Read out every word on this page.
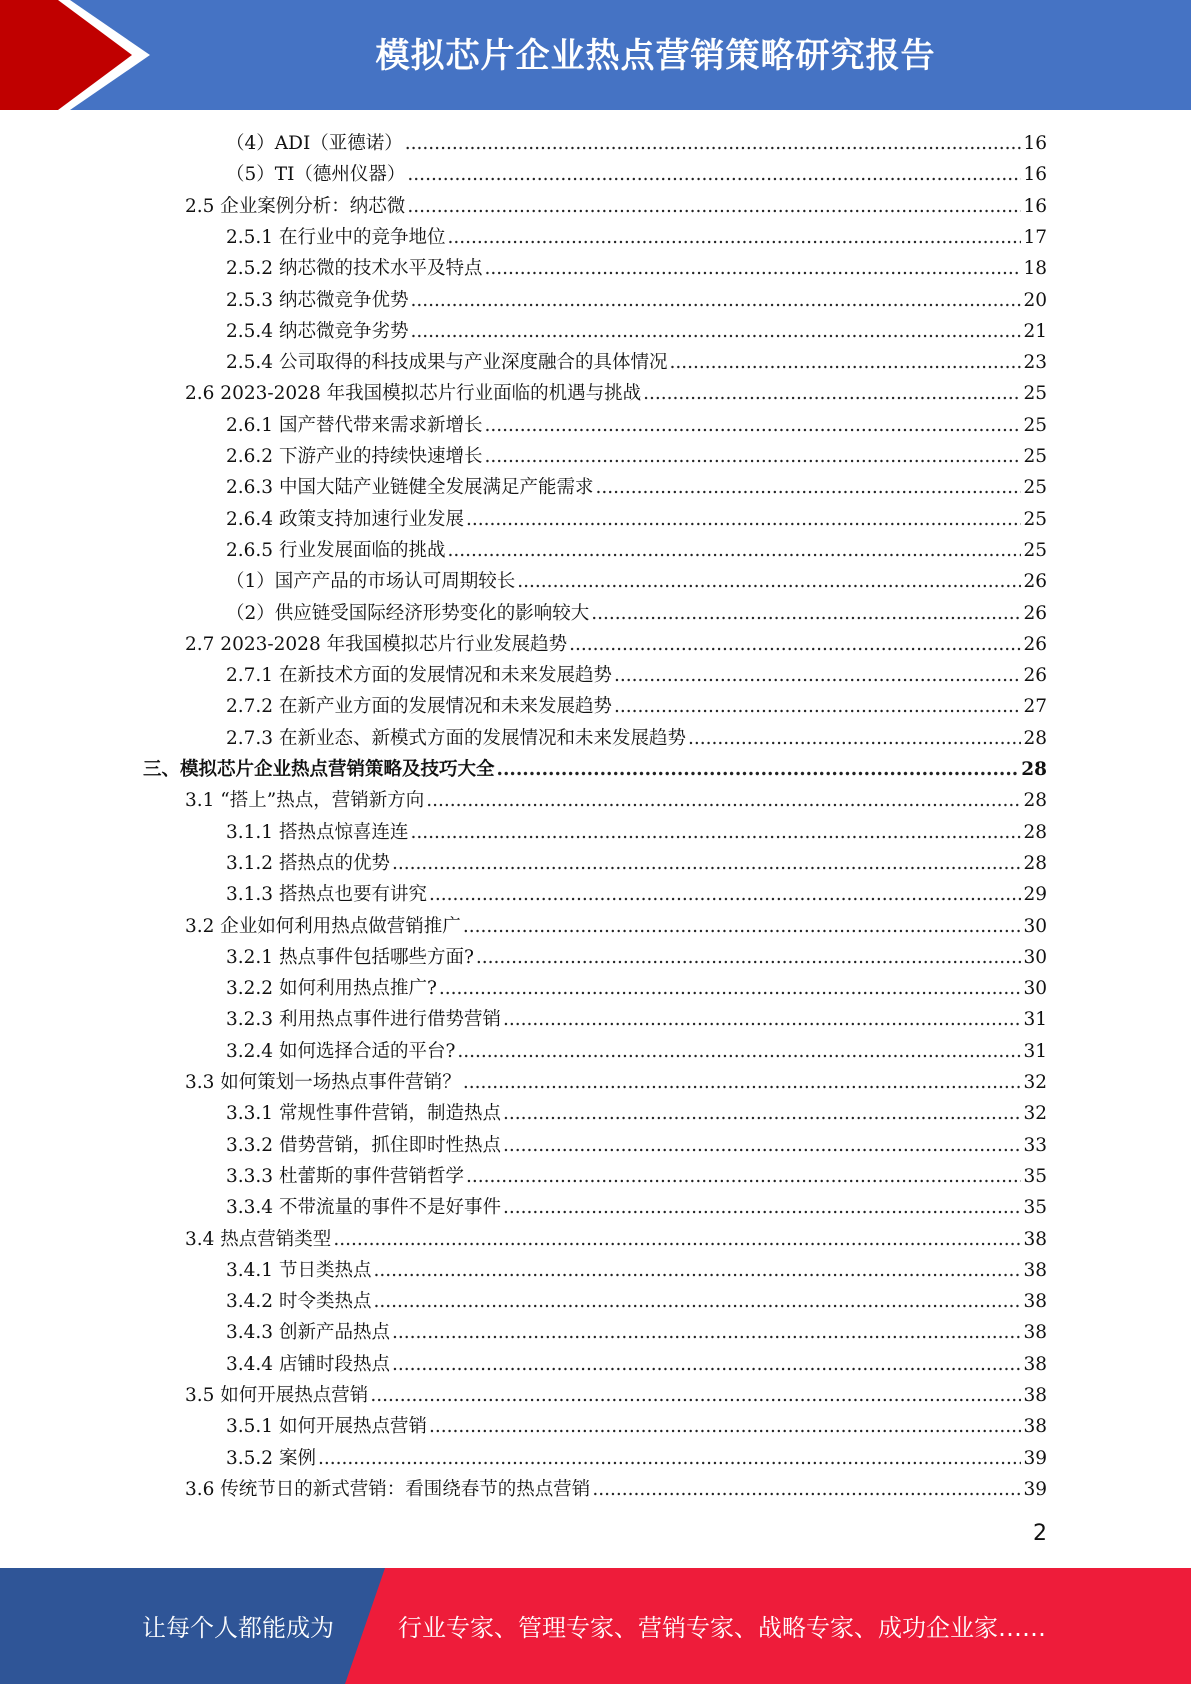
模拟芯片企业热点营销策略研究报告
（4）ADI（亚德诺） .....	16
（5）TI（德州仪器） .....	16
2.5 企业案例分析：纳芯微 .....	16
2.5.1 在行业中的竞争地位 .....	17
2.5.2 纳芯微的技术水平及特点 .....	18
2.5.3 纳芯微竞争优势 .....	20
2.5.4 纳芯微竞争劣势 .....	21
2.5.4 公司取得的科技成果与产业深度融合的具体情况 .....	23
2.6 2023-2028 年我国模拟芯片行业面临的机遇与挑战 .....	25
2.6.1 国产替代带来需求新增长 .....	25
2.6.2 下游产业的持续快速增长 .....	25
2.6.3 中国大陆产业链健全发展满足产能需求 .....	25
2.6.4 政策支持加速行业发展 .....	25
2.6.5 行业发展面临的挑战 .....	25
（1）国产产品的市场认可周期较长 .....	26
（2）供应链受国际经济形势变化的影响较大 .....	26
2.7 2023-2028 年我国模拟芯片行业发展趋势 .....	26
2.7.1 在新技术方面的发展情况和未来发展趋势 .....	26
2.7.2 在新产业方面的发展情况和未来发展趋势 .....	27
2.7.3 在新业态、新模式方面的发展情况和未来发展趋势 .....	28
三、模拟芯片企业热点营销策略及技巧大全 .....	28
3.1 “搭上”热点，营销新方向 .....	28
3.1.1 搭热点惊喜连连 .....	28
3.1.2 搭热点的优势 .....	28
3.1.3 搭热点也要有讲究 .....	29
3.2 企业如何利用热点做营销推广 .....	30
3.2.1 热点事件包括哪些方面? .....	30
3.2.2 如何利用热点推广? .....	30
3.2.3 利用热点事件进行借势营销 .....	31
3.2.4 如何选择合适的平台? .....	31
3.3 如何策划一场热点事件营销？ .....	32
3.3.1 常规性事件营销，制造热点 .....	32
3.3.2 借势营销，抓住即时性热点 .....	33
3.3.3 杜蕾斯的事件营销哲学 .....	35
3.3.4 不带流量的事件不是好事件 .....	35
3.4 热点营销类型 .....	38
3.4.1 节日类热点 .....	38
3.4.2 时令类热点 .....	38
3.4.3 创新产品热点 .....	38
3.4.4 店铺时段热点 .....	38
3.5 如何开展热点营销 .....	38
3.5.1 如何开展热点营销 .....	38
3.5.2 案例 .....	39
3.6 传统节日的新式营销：看围绕春节的热点营销 .....	39
2
让每个人都能成为	行业专家、管理专家、营销专家、战略专家、成功企业家……
